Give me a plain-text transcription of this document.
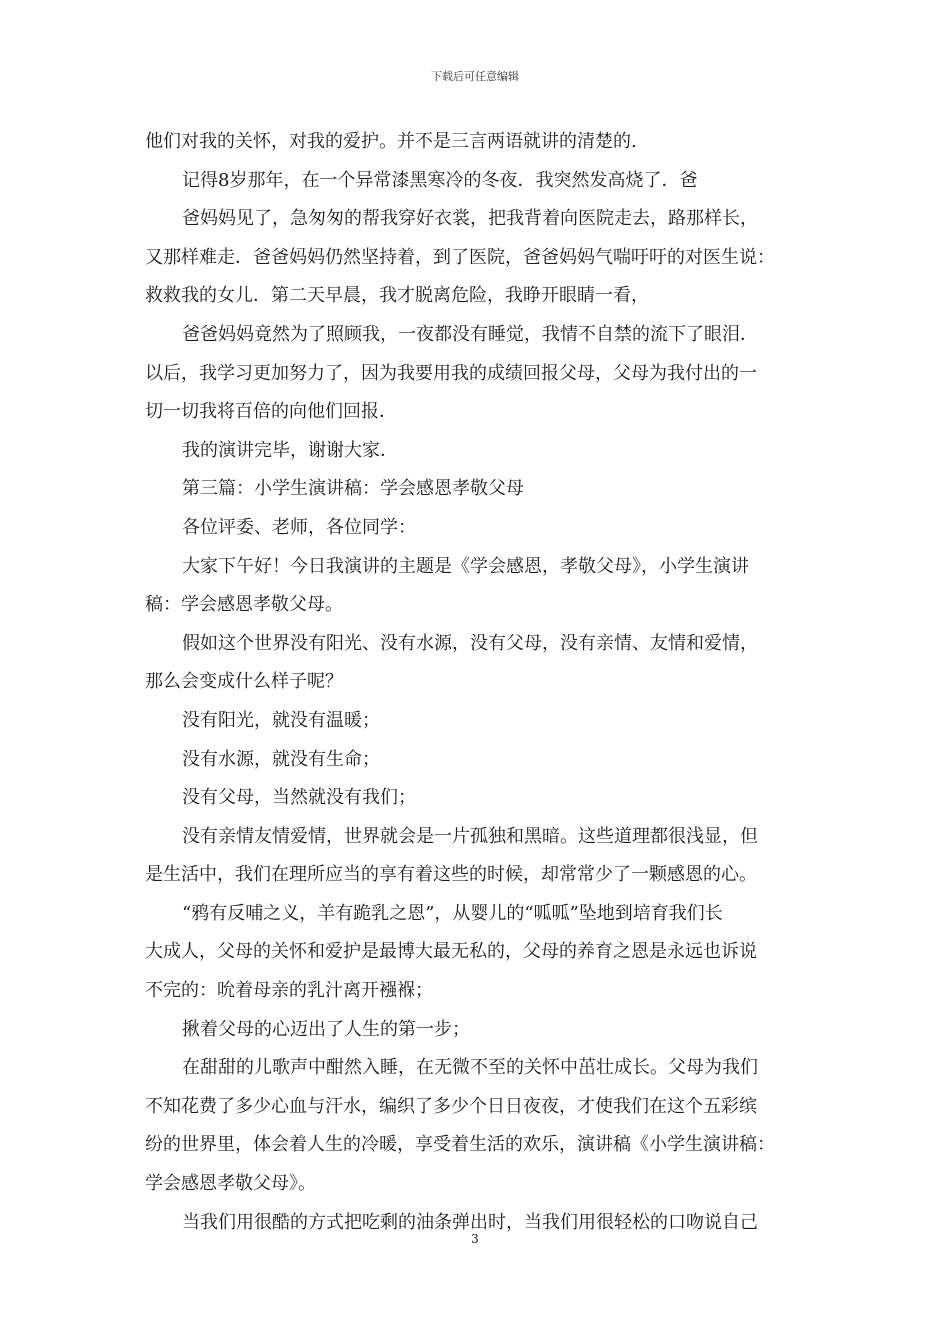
下载后可任意编辑
他们对我的关怀，对我的爱护。并不是三言两语就讲的清楚的.
记得8岁那年，在一个异常漆黑寒冷的冬夜．我突然发高烧了．爸
爸妈妈见了，急匆匆的帮我穿好衣裳，把我背着向医院走去，路那样长，
又那样难走．爸爸妈妈仍然坚持着，到了医院，爸爸妈妈气喘吁吁的对医生说：
救救我的女儿．第二天早晨，我才脱离危险，我睁开眼睛一看，
爸爸妈妈竟然为了照顾我，一夜都没有睡觉，我情不自禁的流下了眼泪．
以后，我学习更加努力了，因为我要用我的成绩回报父母，父母为我付出的一
切一切我将百倍的向他们回报．
我的演讲完毕，谢谢大家．
第三篇：小学生演讲稿：学会感恩孝敬父母
各位评委、老师，各位同学：
大家下午好！今日我演讲的主题是《学会感恩，孝敬父母》，小学生演讲
稿：学会感恩孝敬父母。
假如这个世界没有阳光、没有水源，没有父母，没有亲情、友情和爱情，
那么会变成什么样子呢？
没有阳光，就没有温暖；
没有水源，就没有生命；
没有父母，当然就没有我们；
没有亲情友情爱情，世界就会是一片孤独和黑暗。这些道理都很浅显，但
是生活中，我们在理所应当的享有着这些的时候，却常常少了一颗感恩的心。
“鸦有反哺之义，羊有跪乳之恩”，从婴儿的“呱呱”坠地到培育我们长
大成人，父母的关怀和爱护是最博大最无私的，父母的养育之恩是永远也诉说
不完的：吮着母亲的乳汁离开襁褓；
揪着父母的心迈出了人生的第一步；
在甜甜的儿歌声中酣然入睡，在无微不至的关怀中茁壮成长。父母为我们
不知花费了多少心血与汗水，编织了多少个日日夜夜，才使我们在这个五彩缤
纷的世界里，体会着人生的冷暖，享受着生活的欢乐，演讲稿《小学生演讲稿：
学会感恩孝敬父母》。
当我们用很酷的方式把吃剩的油条弹出时，当我们用很轻松的口吻说自己
3
